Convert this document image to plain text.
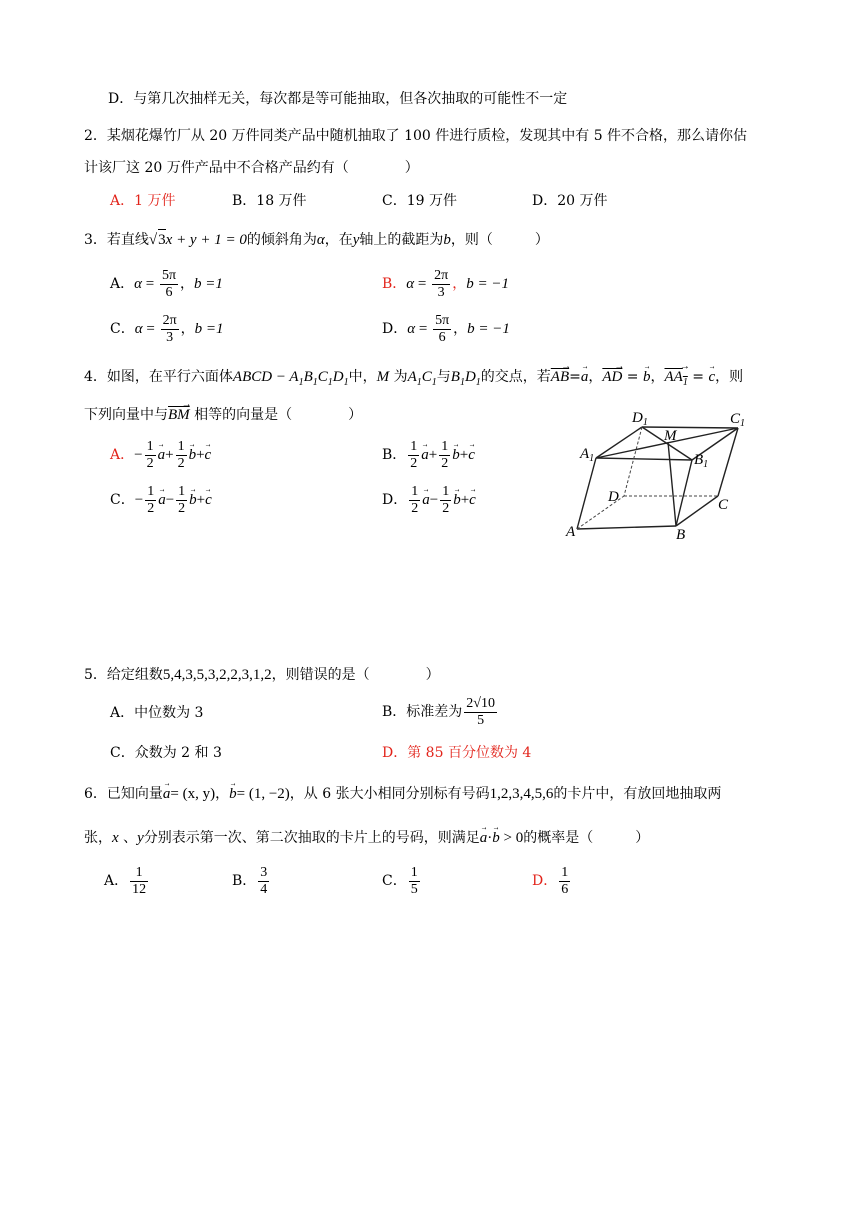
D．与第几次抽样无关，每次都是等可能抽取，但各次抽取的可能性不一定
2．某烟花爆竹厂从 20 万件同类产品中随机抽取了 100 件进行质检，发现其中有 5 件不合格，那么请你估
计该厂这 20 万件产品中不合格产品约有（　　　　）
A．1 万件	B．18 万件	C．19 万件	D．20 万件
3．若直线√3x + y + 1 = 0的倾斜角为α，在y轴上的截距为b，则（　　　）
A．$\alpha = \frac{5\pi}{6}$ ，b =1	B．$\alpha = \frac{2\pi}{3}$ ，b = −1
C．$\alpha = \frac{2\pi}{3}$ ，b =1	D．$\alpha = \frac{5\pi}{6}$ ，b = −1
4．如图，在平行六面体ABCD − $A_1B_1C_1D_1$中，M 为$A_1C_1$与$B_1D_1$的交点，若$\overline{AB}$ →=→ a，$\overline{AD}$ → = → b，$AA_1$ → = → c，则
下列向量中与$\overline{BM}$ → 相等的向量是（　　　　）
A．− $\frac{1}{2} \to a+ \frac{1}{2} \to b+\to c$	B． $\frac{1}{2} \to a+ \frac{1}{2} \to b+\to c$
C．− $\frac{1}{2} \to a- \frac{1}{2} \to b+\to c$	D． $\frac{1}{2} \to a- \frac{1}{2} \to b+\to c$
$D_1$
M
$C_1$
$A_1$	$B_1$
D	C
A	B
5．给定组数5,4,3,5,3,2,2,3,1,2，则错误的是（　　　　）
A．中位数为 3	B．标准差为 $\frac{2√10}{5}$
C．众数为 2 和 3	D．第 85 百分位数为 4
6．已知向量→ a= (x, y)，→ b= (1, −2)，从 6 张大小相同分别标有号码1,2,3,4,5,6的卡片中，有放回地抽取两
张，x 、y分别表示第一次、第二次抽取的卡片上的号码，则满足→ a·→ b > 0的概率是（　　　）
A． $\frac{1}{12}$	B． $\frac{3}{4}$	C． $\frac{1}{5}$	D． $\frac{1}{6}$
